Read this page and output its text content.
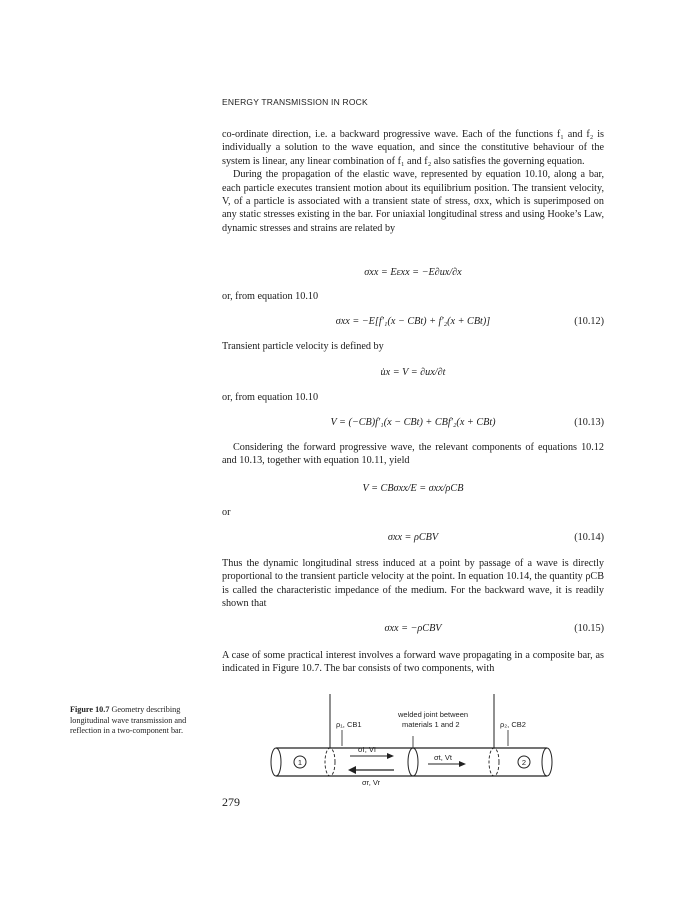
ENERGY TRANSMISSION IN ROCK

co-ordinate direction, i.e. a backward progressive wave. Each of the functions f₁ and f₂ is individually a solution to the wave equation, and since the constitutive behaviour of the system is linear, any linear combination of f₁ and f₂ also satisfies the governing equation.

During the propagation of the elastic wave, represented by equation 10.10, along a bar, each particle executes transient motion about its equilibrium position. The transient velocity, V, of a particle is associated with a transient state of stress, σxx, which is superimposed on any static stresses existing in the bar. For uniaxial longitudinal stress and using Hooke’s Law, dynamic stresses and strains are related by

σxx = Eεxx = −E∂ux/∂x
or, from equation 10.10
σxx = −E[f′₁(x − CBt) + f′₂(x + CBt)]	(10.12)
Transient particle velocity is defined by
u̇x = V = ∂ux/∂t
or, from equation 10.10
V = (−CB)f′₁(x − CBt) + CBf′₂(x + CBt)	(10.13)

Considering the forward progressive wave, the relevant components of equations 10.12 and 10.13, together with equation 10.11, yield

V = CBσxx/E = σxx/ρCB
or
σxx = ρCBV	(10.14)

Thus the dynamic longitudinal stress induced at a point by passage of a wave is directly proportional to the transient particle velocity at the point. In equation 10.14, the quantity ρCB is called the characteristic impedance of the medium. For the backward wave, it is readily shown that

σxx = −ρCBV	(10.15)

A case of some practical interest involves a forward wave propagating in a composite bar, as indicated in Figure 10.7. The bar consists of two components, with

Figure 10.7 Geometry describing longitudinal wave transmission and reflection in a two-component bar.
1	2
σI, VI
σr, Vr
σt, Vt
ρ₁, CB1
welded joint between
materials 1 and 2	ρ₂, CB2
279
